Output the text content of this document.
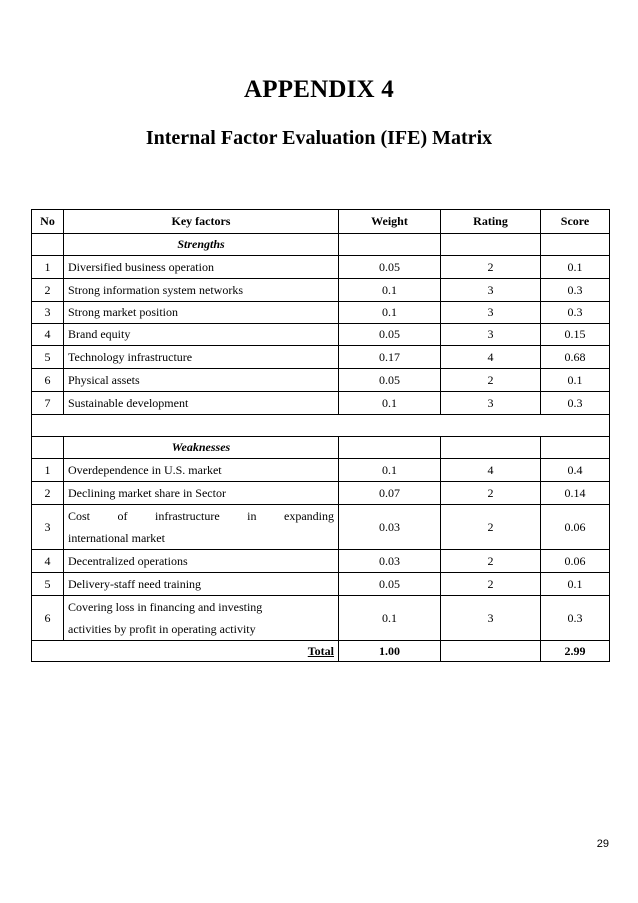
APPENDIX 4
Internal Factor Evaluation (IFE) Matrix
No	Key factors	Weight	Rating	Score
	Strengths			
1	Diversified business operation	0.05	2	0.1
2	Strong information system networks	0.1	3	0.3
3	Strong market position	0.1	3	0.3
4	Brand equity	0.05	3	0.15
5	Technology infrastructure	0.17	4	0.68
6	Physical assets	0.05	2	0.1
7	Sustainable development	0.1	3	0.3

	Weaknesses			
1	Overdependence in U.S. market	0.1	4	0.4
2	Declining market share in Sector	0.07	2	0.14
3	Cost of infrastructure in expanding
international market	0.03	2	0.06
4	Decentralized operations	0.03	2	0.06
5	Delivery-staff need training	0.05	2	0.1
6	Covering loss in financing and investing
activities by profit in operating activity	0.1	3	0.3
Total		1.00		2.99
29
